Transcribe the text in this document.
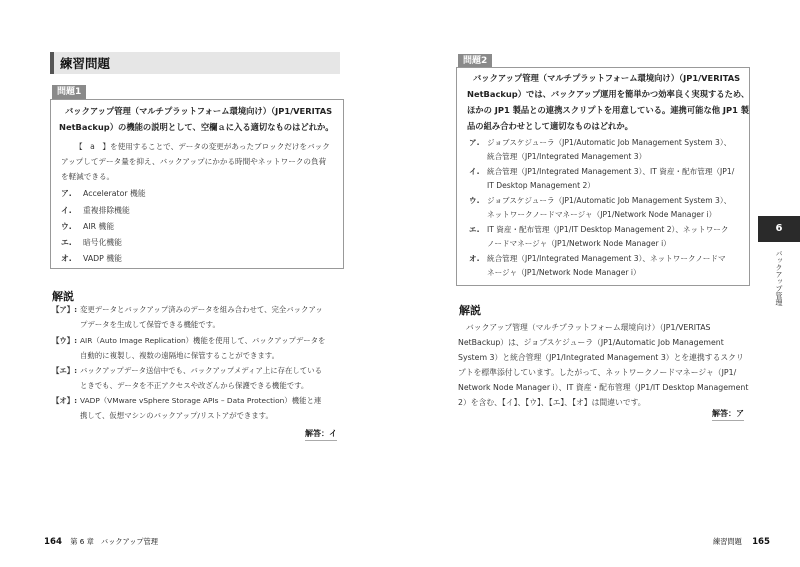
練習問題
問題1
バックアップ管理（マルチプラットフォーム環境向け）（JP1/VERITAS
NetBackup）の機能の説明として、空欄ａに入る適切なものはどれか。
【　a　】を使用することで、データの変更があったブロックだけをバック
アップしてデータ量を抑え、バックアップにかかる時間やネットワークの負荷
を軽減できる。
ア. Accelerator 機能
イ. 重複排除機能
ウ. AIR 機能
エ. 暗号化機能
オ. VADP 機能
解説
【ア】: 変更データとバックアップ済みのデータを組み合わせて、完全バックアッ
プデータを生成して保管できる機能です。
【ウ】: AIR（Auto Image Replication）機能を使用して、バックアップデータを
自動的に複製し、複数の遠隔地に保管することができます。
【エ】: バックアップデータ送信中でも、バックアップメディア上に存在している
ときでも、データを不正アクセスや改ざんから保護できる機能です。
【オ】: VADP（VMware vSphere Storage APIs – Data Protection）機能と連
携して、仮想マシンのバックアップ/リストアができます。
解答：イ
164 第 6 章　バックアップ管理
問題2
バックアップ管理（マルチプラットフォーム環境向け）（JP1/VERITAS
NetBackup）では、バックアップ運用を簡単かつ効率良く実現するため、
ほかの JP1 製品との連携スクリプトを用意している。連携可能な他 JP1 製
品の組み合わせとして適切なものはどれか。
ア. ジョブスケジューラ（JP1/Automatic Job Management System 3）、
統合管理（JP1/Integrated Management 3）
イ. 統合管理（JP1/Integrated Management 3）、IT 資産・配布管理（JP1/
IT Desktop Management 2）
ウ. ジョブスケジューラ（JP1/Automatic Job Management System 3）、
ネットワークノードマネージャ（JP1/Network Node Manager i）
エ. IT 資産・配布管理（JP1/IT Desktop Management 2）、ネットワーク
ノードマネージャ（JP1/Network Node Manager i）
オ. 統合管理（JP1/Integrated Management 3）、ネットワークノードマ
ネージャ（JP1/Network Node Manager i）
解説
バックアップ管理（マルチプラットフォーム環境向け）（JP1/VERITAS
NetBackup）は、ジョブスケジューラ（JP1/Automatic Job Management
System 3）と統合管理（JP1/Integrated Management 3）とを連携するスクリ
プトを標準添付しています。したがって、ネットワークノードマネージャ（JP1/
Network Node Manager i）、IT 資産・配布管理（JP1/IT Desktop Management
2）を含む、【イ】、【ウ】、【エ】、【オ】は間違いです。
解答：ア
6
バックアップ管理
練習問題 165
